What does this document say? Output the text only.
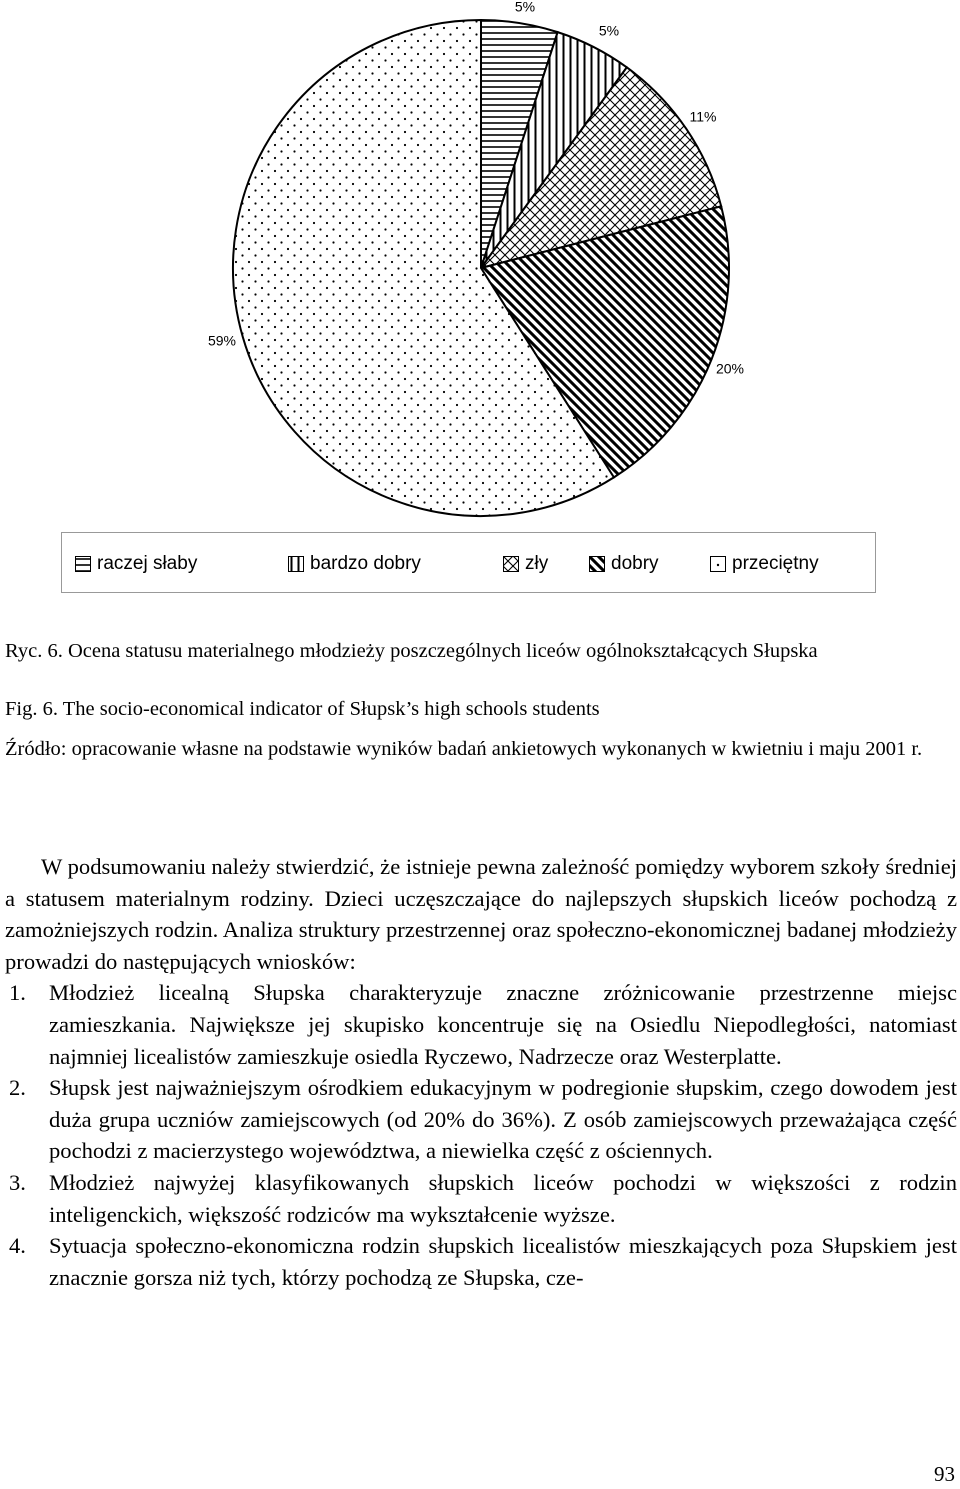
5%
5%
11%
20%
59%
raczej słaby	bardzo dobry	zły	dobry	przeciętny
Ryc. 6. Ocena statusu materialnego młodzieży poszczególnych liceów ogólnokształcących Słupska
Fig. 6. The socio-economical indicator of Słupsk’s high schools students
Źródło: opracowanie własne na podstawie wyników badań ankietowych wykonanych w kwietniu i maju 2001 r.

W podsumowaniu należy stwierdzić, że istnieje pewna zależność pomiędzy wyborem szkoły średniej a statusem materialnym rodziny. Dzieci uczęszczające do najlepszych słupskich liceów pochodzą z zamożniejszych rodzin. Analiza struktury przestrzennej oraz społeczno-ekonomicznej badanej młodzieży prowadzi do następujących wniosków:

1. Młodzież licealną Słupska charakteryzuje znaczne zróżnicowanie przestrzenne miejsc zamieszkania. Największe jej skupisko koncentruje się na Osiedlu Niepodległości, natomiast najmniej licealistów zamieszkuje osiedla Ryczewo, Nadrzecze oraz Westerplatte.
2. Słupsk jest najważniejszym ośrodkiem edukacyjnym w podregionie słupskim, czego dowodem jest duża grupa uczniów zamiejscowych (od 20% do 36%). Z osób zamiejscowych przeważająca część pochodzi z macierzystego województwa, a niewielka część z ościennych.
3. Młodzież najwyżej klasyfikowanych słupskich liceów pochodzi w większości z rodzin inteligenckich, większość rodziców ma wykształcenie wyższe.
4. Sytuacja społeczno-ekonomiczna rodzin słupskich licealistów mieszkających poza Słupskiem jest znacznie gorsza niż tych, którzy pochodzą ze Słupska, cze-
93
